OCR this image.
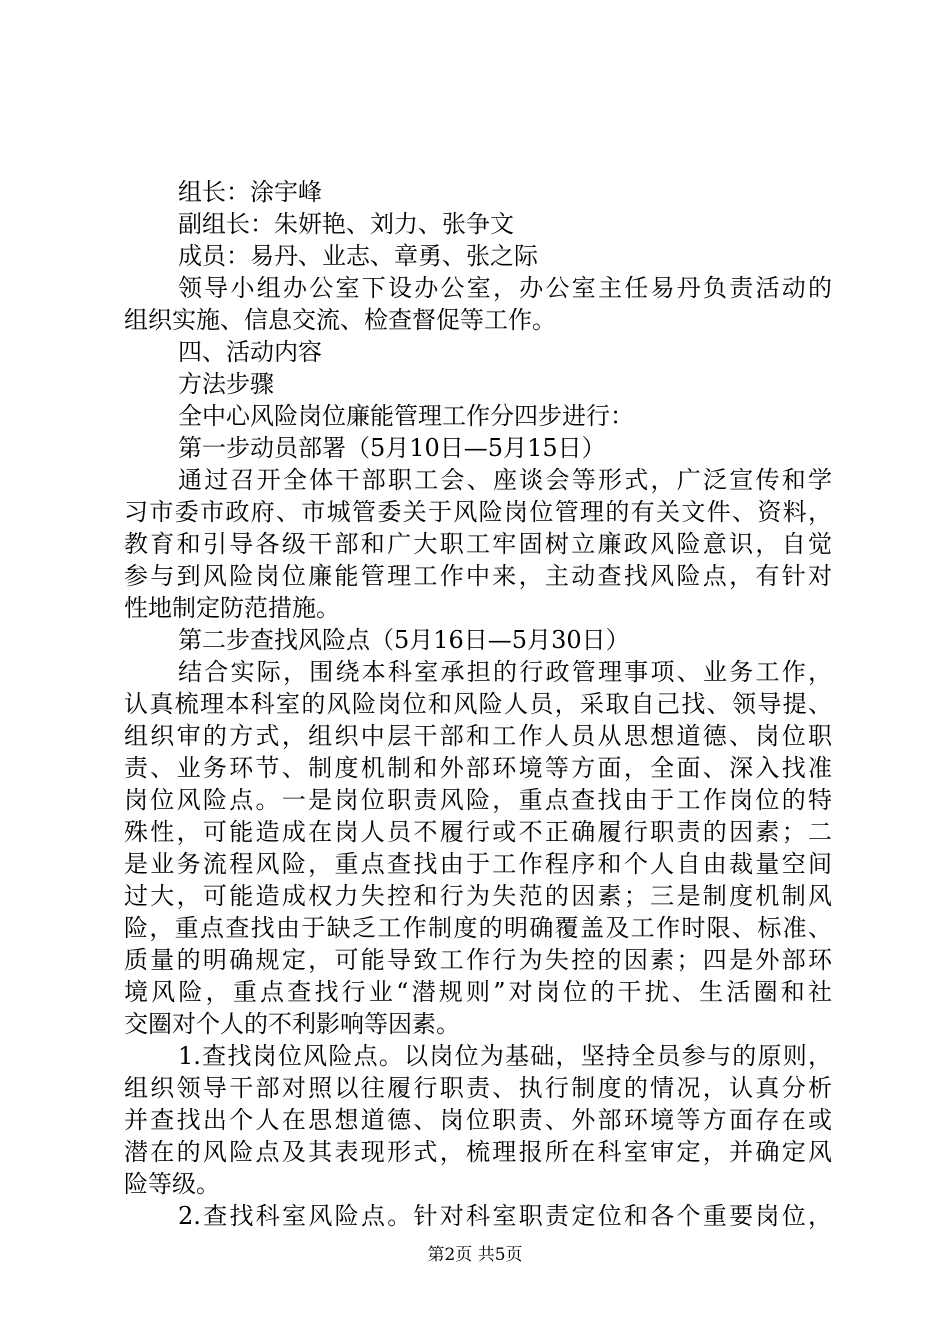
组长：涂宇峰
副组长：朱妍艳、刘力、张争文
成员：易丹、业志、章勇、张之际
领导小组办公室下设办公室，办公室主任易丹负责活动的
组织实施、信息交流、检查督促等工作。
四、活动内容
方法步骤
全中心风险岗位廉能管理工作分四步进行：
第一步动员部署（5月10日—5月15日）
通过召开全体干部职工会、座谈会等形式，广泛宣传和学
习市委市政府、市城管委关于风险岗位管理的有关文件、资料，
教育和引导各级干部和广大职工牢固树立廉政风险意识，自觉
参与到风险岗位廉能管理工作中来，主动查找风险点，有针对
性地制定防范措施。
第二步查找风险点（5月16日—5月30日）
结合实际，围绕本科室承担的行政管理事项、业务工作，
认真梳理本科室的风险岗位和风险人员，采取自己找、领导提、
组织审的方式，组织中层干部和工作人员从思想道德、岗位职
责、业务环节、制度机制和外部环境等方面，全面、深入找准
岗位风险点。一是岗位职责风险，重点查找由于工作岗位的特
殊性，可能造成在岗人员不履行或不正确履行职责的因素；二
是业务流程风险，重点查找由于工作程序和个人自由裁量空间
过大，可能造成权力失控和行为失范的因素；三是制度机制风
险，重点查找由于缺乏工作制度的明确覆盖及工作时限、标准、
质量的明确规定，可能导致工作行为失控的因素；四是外部环
境风险，重点查找行业“潜规则”对岗位的干扰、生活圈和社
交圈对个人的不利影响等因素。
1.查找岗位风险点。以岗位为基础，坚持全员参与的原则，
组织领导干部对照以往履行职责、执行制度的情况，认真分析
并查找出个人在思想道德、岗位职责、外部环境等方面存在或
潜在的风险点及其表现形式，梳理报所在科室审定，并确定风
险等级。
2.查找科室风险点。针对科室职责定位和各个重要岗位，
第2页 共5页
